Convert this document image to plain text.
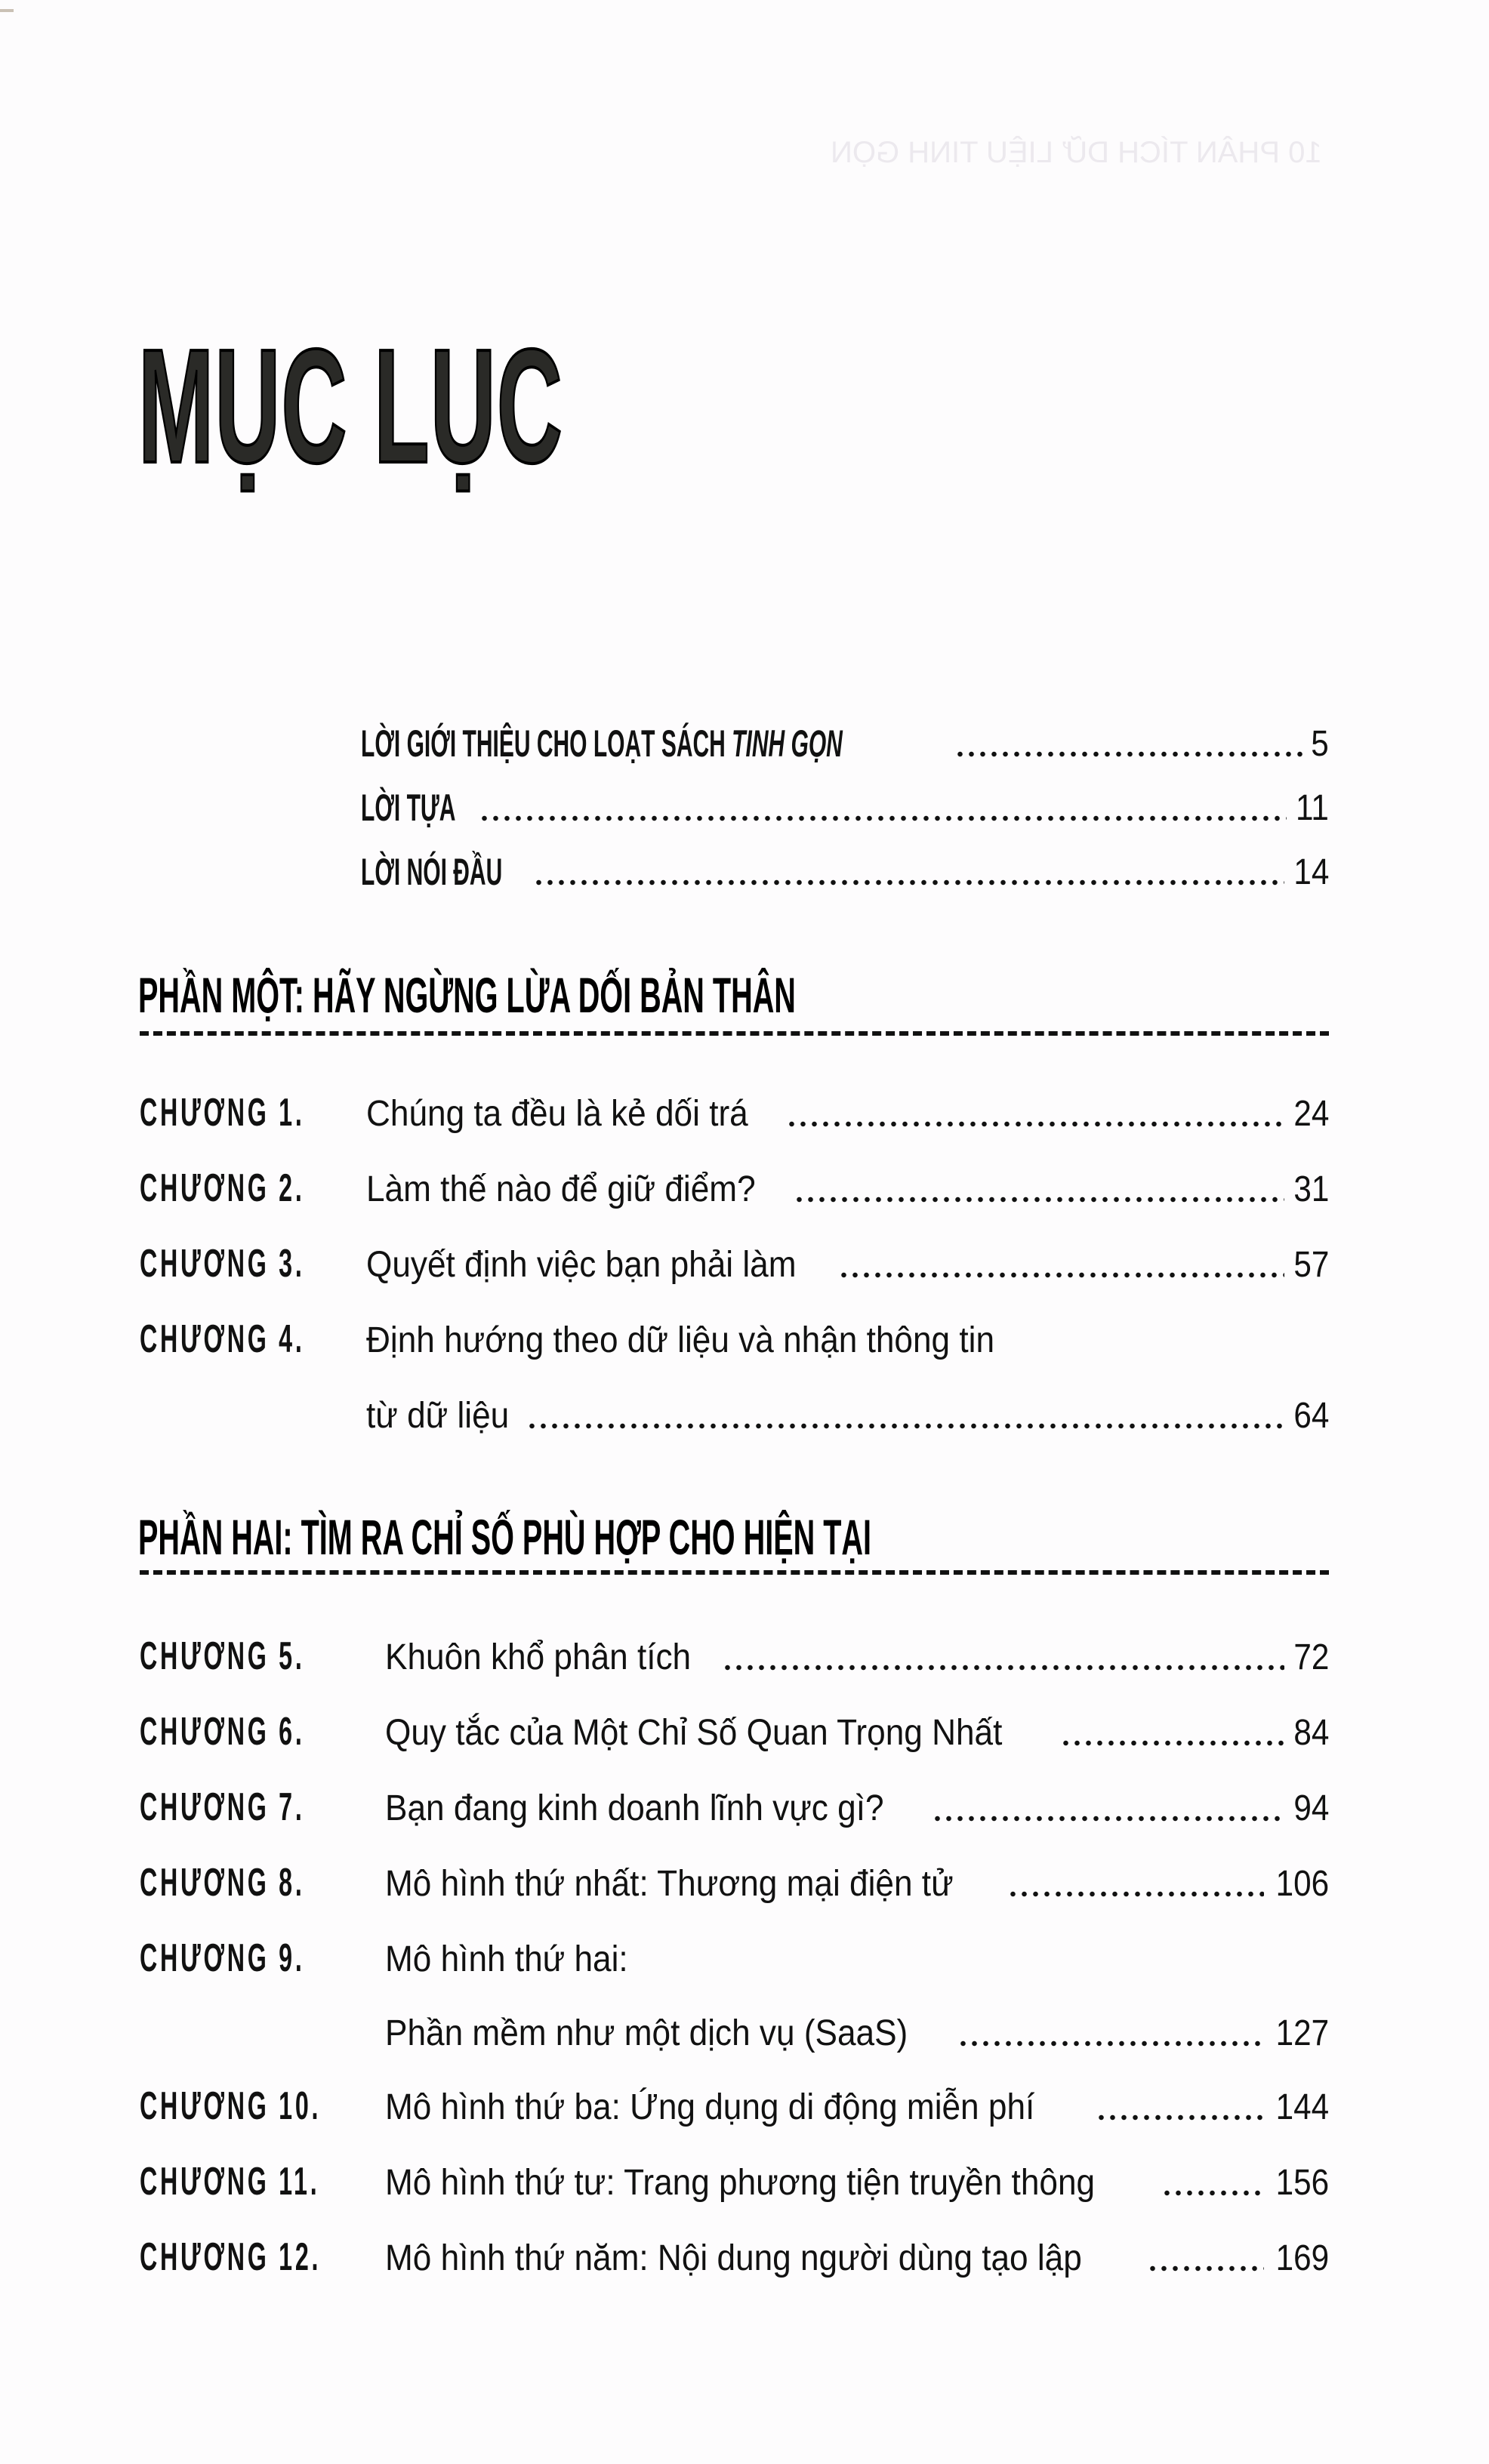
10 PHÂN TÍCH DỮ LIỆU TINH GỌN
MỤC LỤC
LỜI GIỚI THIỆU CHO LOẠT SÁCH TINH GỌN	5
LỜI TỰA	11
LỜI NÓI ĐẦU	14
PHẦN MỘT: HÃY NGỪNG LỪA DỐI BẢN THÂN
CHƯƠNG 1. Chúng ta đều là kẻ dối trá	24
CHƯƠNG 2. Làm thế nào để giữ điểm?	31
CHƯƠNG 3. Quyết định việc bạn phải làm	57
CHƯƠNG 4. Định hướng theo dữ liệu và nhận thông tin
từ dữ liệu	64
PHẦN HAI: TÌM RA CHỈ SỐ PHÙ HỢP CHO HIỆN TẠI
CHƯƠNG 5. Khuôn khổ phân tích	72
CHƯƠNG 6. Quy tắc của Một Chỉ Số Quan Trọng Nhất	84
CHƯƠNG 7. Bạn đang kinh doanh lĩnh vực gì?	94
CHƯƠNG 8. Mô hình thứ nhất: Thương mại điện tử	106
CHƯƠNG 9. Mô hình thứ hai:
Phần mềm như một dịch vụ (SaaS)	127
CHƯƠNG 10. Mô hình thứ ba: Ứng dụng di động miễn phí	144
CHƯƠNG 11. Mô hình thứ tư: Trang phương tiện truyền thông	156
CHƯƠNG 12. Mô hình thứ năm: Nội dung người dùng tạo lập	169
